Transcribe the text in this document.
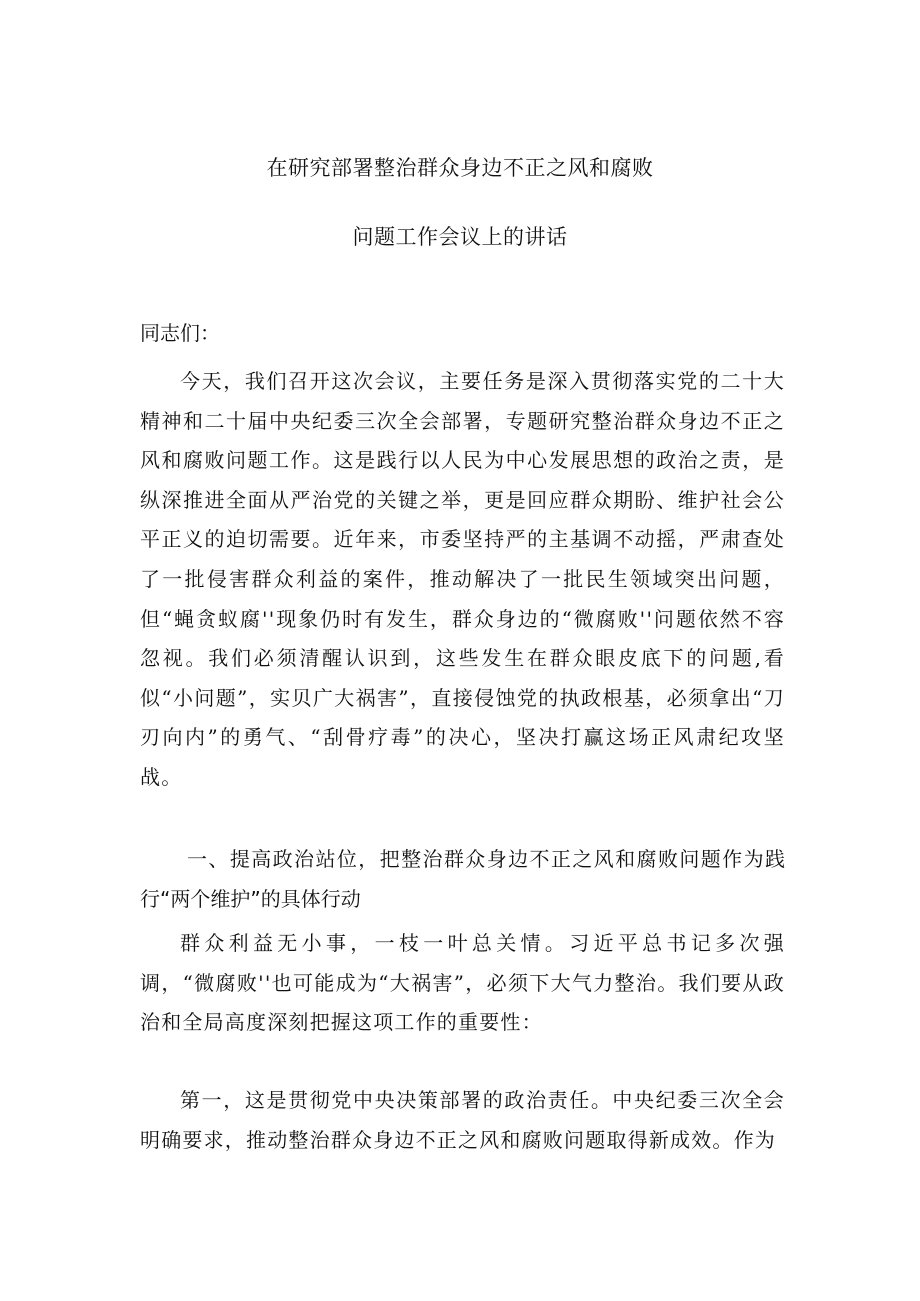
在研究部署整治群众身边不正之风和腐败
问题工作会议上的讲话
同志们：

今天，我们召开这次会议，主要任务是深入贯彻落实党的二十大精神和二十届中央纪委三次全会部署，专题研究整治群众身边不正之风和腐败问题工作。这是践行以人民为中心发展思想的政治之责，是纵深推进全面从严治党的关键之举，更是回应群众期盼、维护社会公平正义的迫切需要。近年来，市委坚持严的主基调不动摇，严肃查处了一批侵害群众利益的案件，推动解决了一批民生领域突出问题，但“蝇贪蚁腐''现象仍时有发生，群众身边的“微腐败''问题依然不容忽视。我们必须清醒认识到，这些发生在群众眼皮底下的问题,看似“小问题”，实贝广大祸害”，直接侵蚀党的执政根基，必须拿出“刀刃向内”的勇气、“刮骨疗毒”的决心，坚决打赢这场正风肃纪攻坚战。

一、提高政治站位，把整治群众身边不正之风和腐败问题作为践行“两个维护”的具体行动

群众利益无小事，一枝一叶总关情。习近平总书记多次强调，“微腐败''也可能成为“大祸害”，必须下大气力整治。我们要从政治和全局高度深刻把握这项工作的重要性：

第一，这是贯彻党中央决策部署的政治责任。中央纪委三次全会明确要求，推动整治群众身边不正之风和腐败问题取得新成效。作为
